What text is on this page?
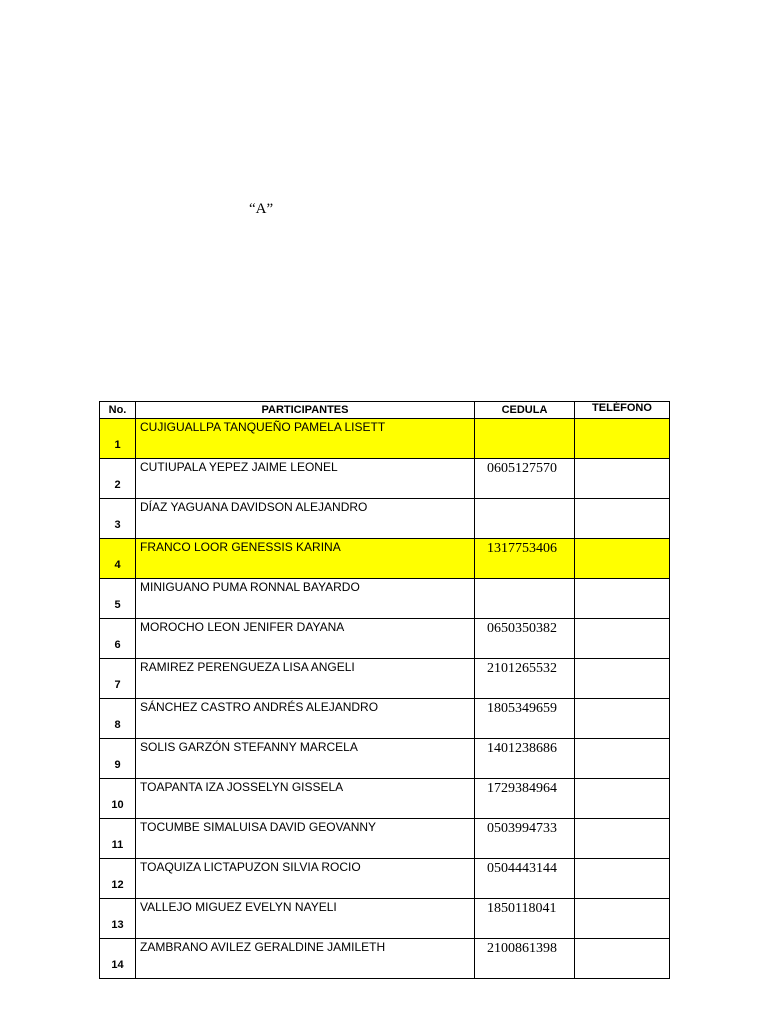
“A”
No.	PARTICIPANTES	CEDULA	TELÉFONO
1	CUJIGUALLPA TANQUEÑO PAMELA LISETT		
2	CUTIUPALA YEPEZ JAIME LEONEL	0605127570	
3	DÍAZ YAGUANA DAVIDSON ALEJANDRO		
4	FRANCO LOOR GENESSIS KARINA	1317753406	
5	MINIGUANO PUMA RONNAL BAYARDO		
6	MOROCHO LEON JENIFER DAYANA	0650350382	
7	RAMIREZ PERENGUEZA LISA ANGELI	2101265532	
8	SÁNCHEZ CASTRO ANDRÉS ALEJANDRO	1805349659	
9	SOLIS GARZÓN STEFANNY MARCELA	1401238686	
10	TOAPANTA IZA JOSSELYN GISSELA	1729384964	
11	TOCUMBE SIMALUISA DAVID GEOVANNY	0503994733	
12	TOAQUIZA LICTAPUZON SILVIA ROCIO	0504443144	
13	VALLEJO MIGUEZ EVELYN NAYELI	1850118041	
14	ZAMBRANO AVILEZ GERALDINE JAMILETH	2100861398	
